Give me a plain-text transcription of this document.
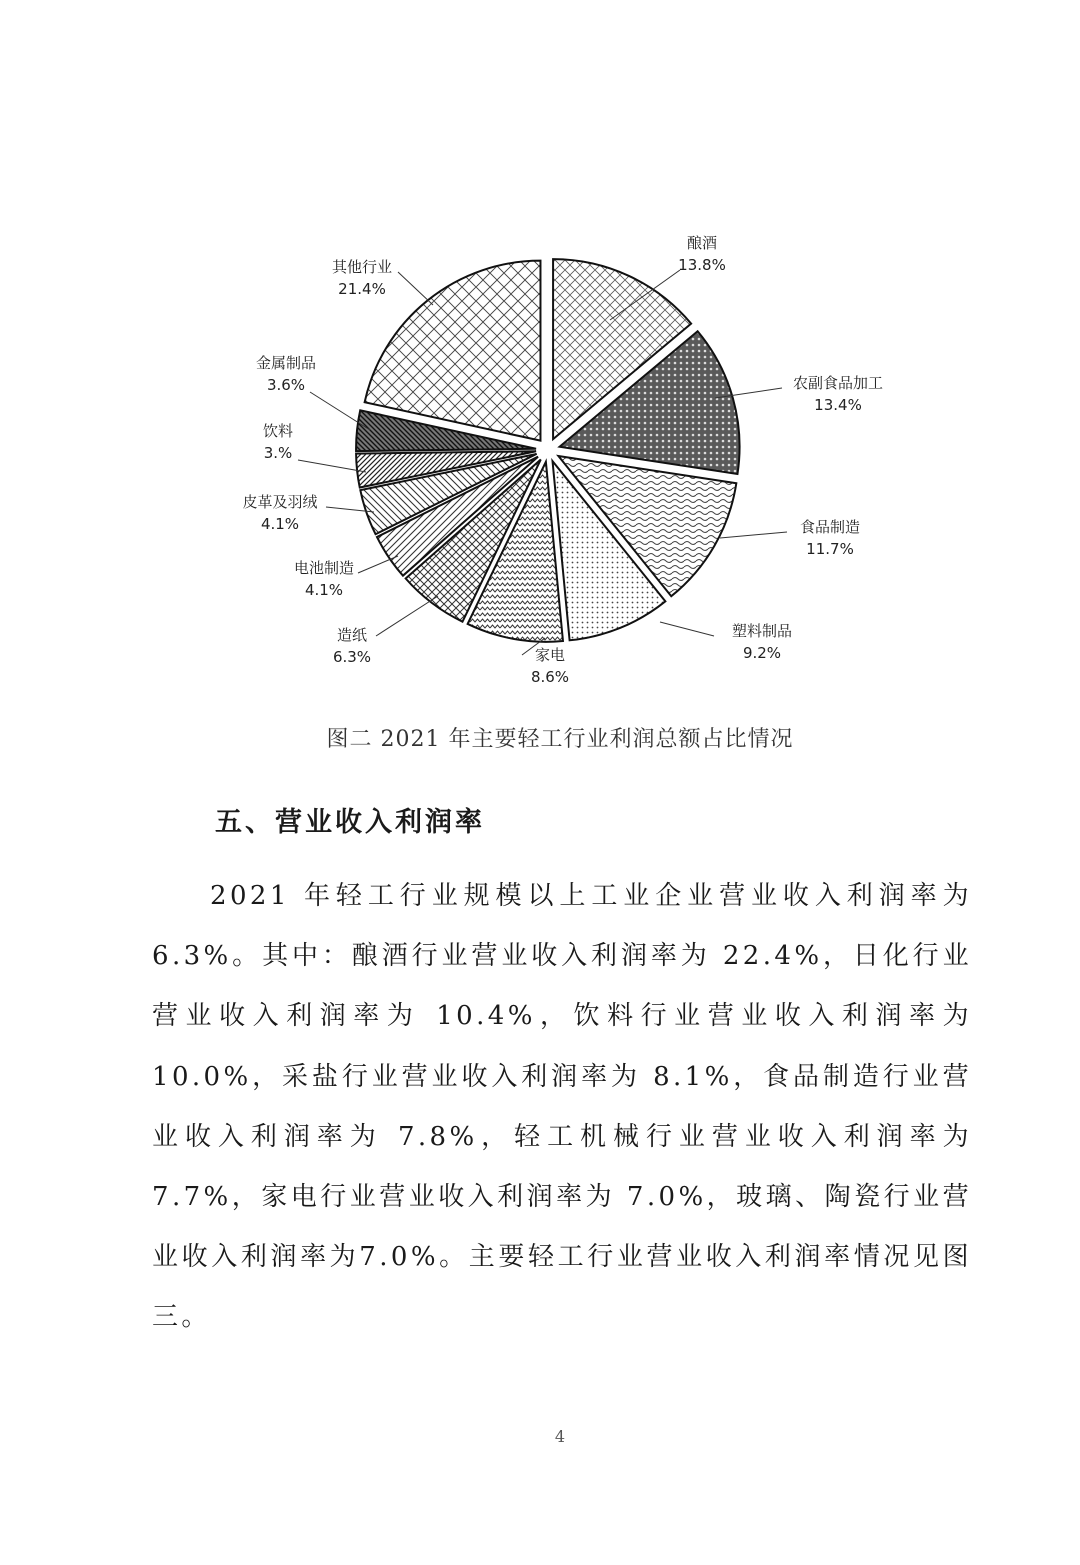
酿酒
13.8%
农副食品加工
13.4%
食品制造
11.7%
塑料制品
9.2%
家电
8.6%
造纸
6.3%
电池制造
4.1%
皮革及羽绒
4.1%
饮料
3.%
金属制品
3.6%
其他行业
21.4%
图二 2021 年主要轻工行业利润总额占比情况
五、营业收入利润率

2021 年轻工行业规模以上工业企业营业收入利润率为6.3%。其中：酿酒行业营业收入利润率为 22.4%，日化行业营业收入利润率为 10.4%，饮料行业营业收入利润率为 10.0%，采盐行业营业收入利润率为 8.1%，食品制造行业营业收入利润率为 7.8%，轻工机械行业营业收入利润率为 7.7%，家电行业营业收入利润率为 7.0%，玻璃、陶瓷行业营业收入利润率为7.0%。主要轻工行业营业收入利润率情况见图三。

4
